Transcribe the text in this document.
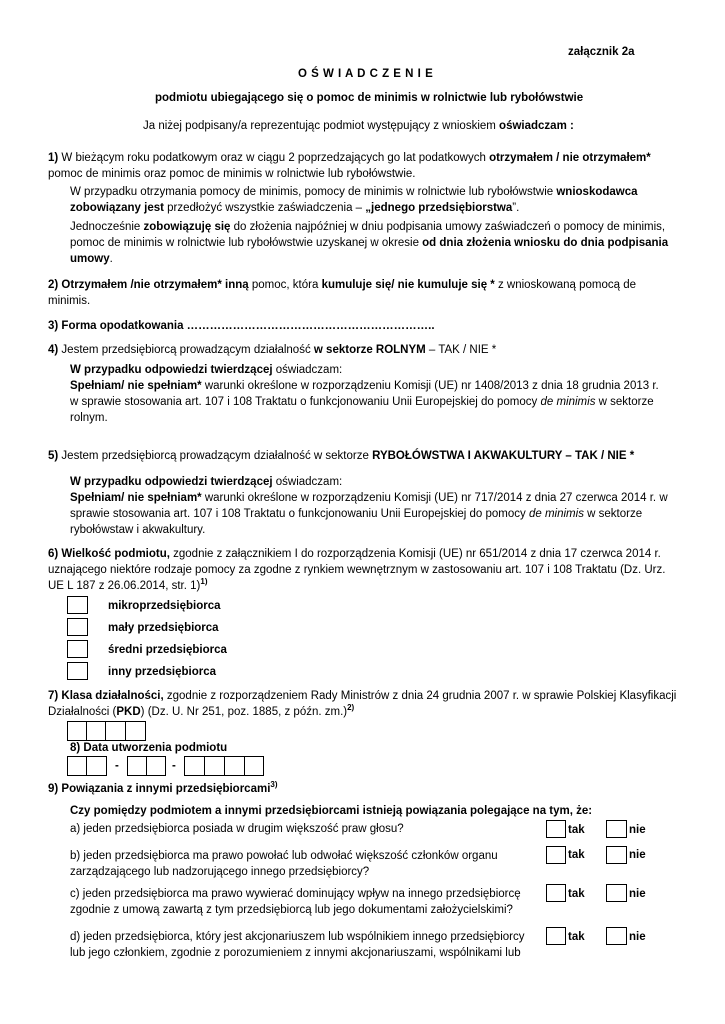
załącznik 2a
O Ś W I A D C Z E N I E
podmiotu ubiegającego się o pomoc de minimis w rolnictwie lub rybołówstwie
Ja niżej podpisany/a reprezentując podmiot występujący z wnioskiem oświadczam :
1) W bieżącym roku podatkowym oraz w ciągu 2 poprzedzających go lat podatkowych otrzymałem / nie otrzymałem*
pomoc de minimis oraz pomoc de minimis w rolnictwie lub rybołówstwie.
W przypadku otrzymania pomocy de minimis, pomocy de minimis w rolnictwie lub rybołówstwie wnioskodawca
zobowiązany jest przedłożyć wszystkie zaświadczenia – „jednego przedsiębiorstwa”.
Jednocześnie zobowiązuję się do złożenia najpóźniej w dniu podpisania umowy zaświadczeń o pomocy de minimis,
pomoc de minimis w rolnictwie lub rybołówstwie uzyskanej w okresie od dnia złożenia wniosku do dnia podpisania
umowy.
2) Otrzymałem /nie otrzymałem* inną pomoc, która kumuluje się/ nie kumuluje się * z wnioskowaną pomocą de
minimis.
3) Forma opodatkowania ………………………………………………………..
4) Jestem przedsiębiorcą prowadzącym działalność w sektorze ROLNYM – TAK / NIE *
W przypadku odpowiedzi twierdzącej oświadczam:
Spełniam/ nie spełniam* warunki określone w rozporządzeniu Komisji (UE) nr 1408/2013 z dnia 18 grudnia 2013 r.
w sprawie stosowania art. 107 i 108 Traktatu o funkcjonowaniu Unii Europejskiej do pomocy de minimis w sektorze
rolnym.
5) Jestem przedsiębiorcą prowadzącym działalność w sektorze RYBOŁÓWSTWA I AKWAKULTURY – TAK / NIE *
W przypadku odpowiedzi twierdzącej oświadczam:
Spełniam/ nie spełniam* warunki określone w rozporządzeniu Komisji (UE) nr 717/2014 z dnia 27 czerwca 2014 r. w
sprawie stosowania art. 107 i 108 Traktatu o funkcjonowaniu Unii Europejskiej do pomocy de minimis w sektorze
rybołówstaw i akwakultury.
6) Wielkość podmiotu, zgodnie z załącznikiem I do rozporządzenia Komisji (UE) nr 651/2014 z dnia 17 czerwca 2014 r.
uznającego niektóre rodzaje pomocy za zgodne z rynkiem wewnętrznym w zastosowaniu art. 107 i 108 Traktatu (Dz. Urz.
UE L 187 z 26.06.2014, str. 1)$^{1)}$
mikroprzedsiębiorca
mały przedsiębiorca
średni przedsiębiorca
inny przedsiębiorca
7) Klasa działalności, zgodnie z rozporządzeniem Rady Ministrów z dnia 24 grudnia 2007 r. w sprawie Polskiej Klasyfikacji
Działalności (PKD) (Dz. U. Nr 251, poz. 1885, z późn. zm.)$^{2)}$
8) Data utworzenia podmiotu
-	-
9) Powiązania z innymi przedsiębiorcami$^{3)}$
Czy pomiędzy podmiotem a innymi przedsiębiorcami istnieją powiązania polegające na tym, że:
a) jeden przedsiębiorca posiada w drugim większość praw głosu?	tak	nie
b) jeden przedsiębiorca ma prawo powołać lub odwołać większość członków organu
zarządzającego lub nadzorującego innego przedsiębiorcy?
tak	nie
c) jeden przedsiębiorca ma prawo wywierać dominujący wpływ na innego przedsiębiorcę
zgodnie z umową zawartą z tym przedsiębiorcą lub jego dokumentami założycielskimi?
tak	nie
d) jeden przedsiębiorca, który jest akcjonariuszem lub wspólnikiem innego przedsiębiorcy
lub jego członkiem, zgodnie z porozumieniem z innymi akcjonariuszami, wspólnikami lub
tak	nie
